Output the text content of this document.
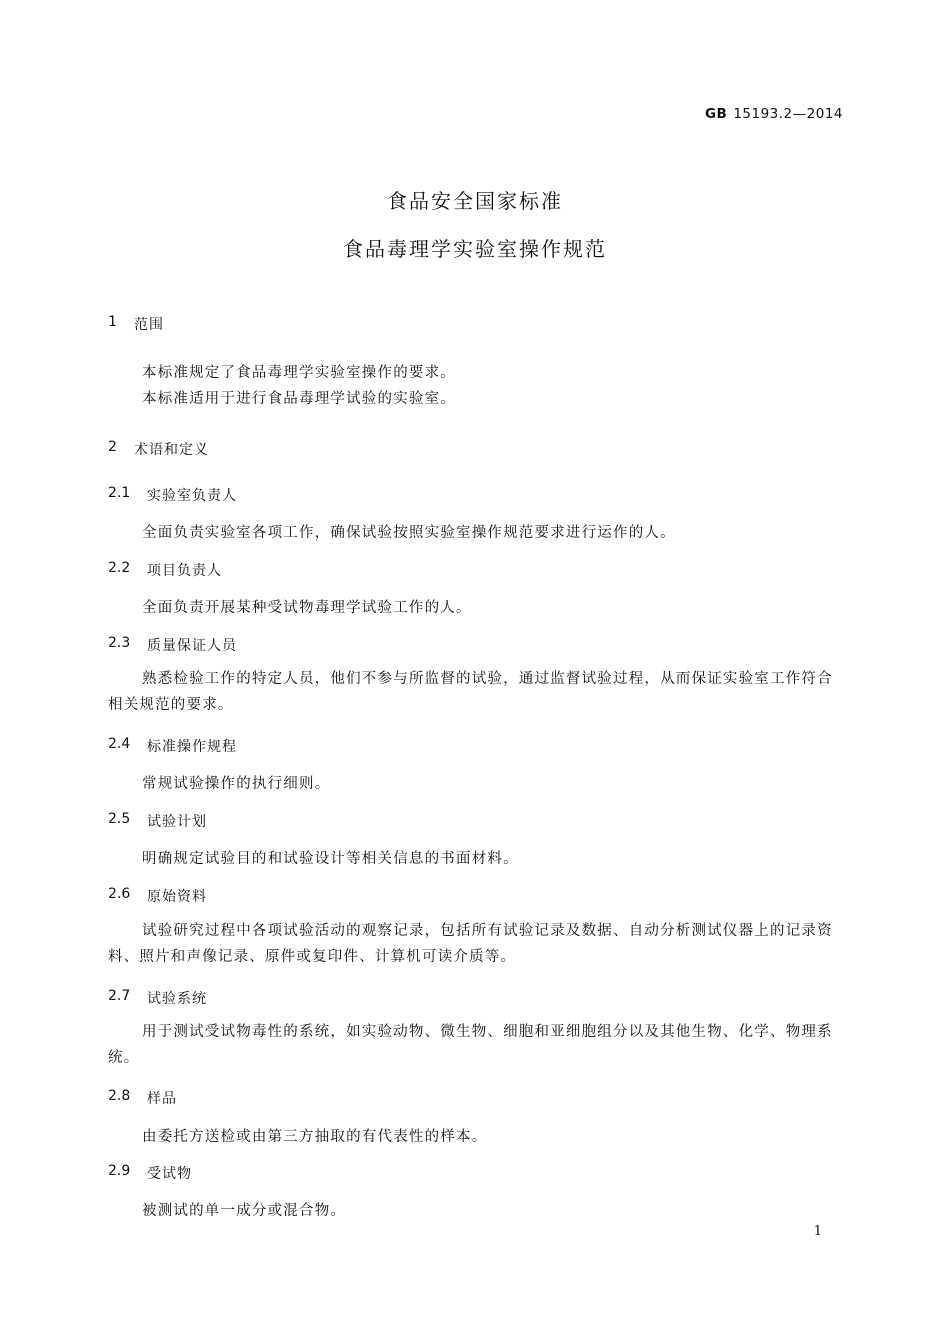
GB 15193.2—2014
食品安全国家标准
食品毒理学实验室操作规范
1 范围
本标准规定了食品毒理学实验室操作的要求。
本标准适用于进行食品毒理学试验的实验室。
2 术语和定义
2.1 实验室负责人
全面负责实验室各项工作，确保试验按照实验室操作规范要求进行运作的人。
2.2 项目负责人
全面负责开展某种受试物毒理学试验工作的人。
2.3 质量保证人员
熟悉检验工作的特定人员，他们不参与所监督的试验，通过监督试验过程，从而保证实验室工作符合相关规范的要求。
2.4 标准操作规程
常规试验操作的执行细则。
2.5 试验计划
明确规定试验目的和试验设计等相关信息的书面材料。
2.6 原始资料
试验研究过程中各项试验活动的观察记录，包括所有试验记录及数据、自动分析测试仪器上的记录资料、照片和声像记录、原件或复印件、计算机可读介质等。
2.7 试验系统
用于测试受试物毒性的系统，如实验动物、微生物、细胞和亚细胞组分以及其他生物、化学、物理系统。
2.8 样品
由委托方送检或由第三方抽取的有代表性的样本。
2.9 受试物
被测试的单一成分或混合物。
1
